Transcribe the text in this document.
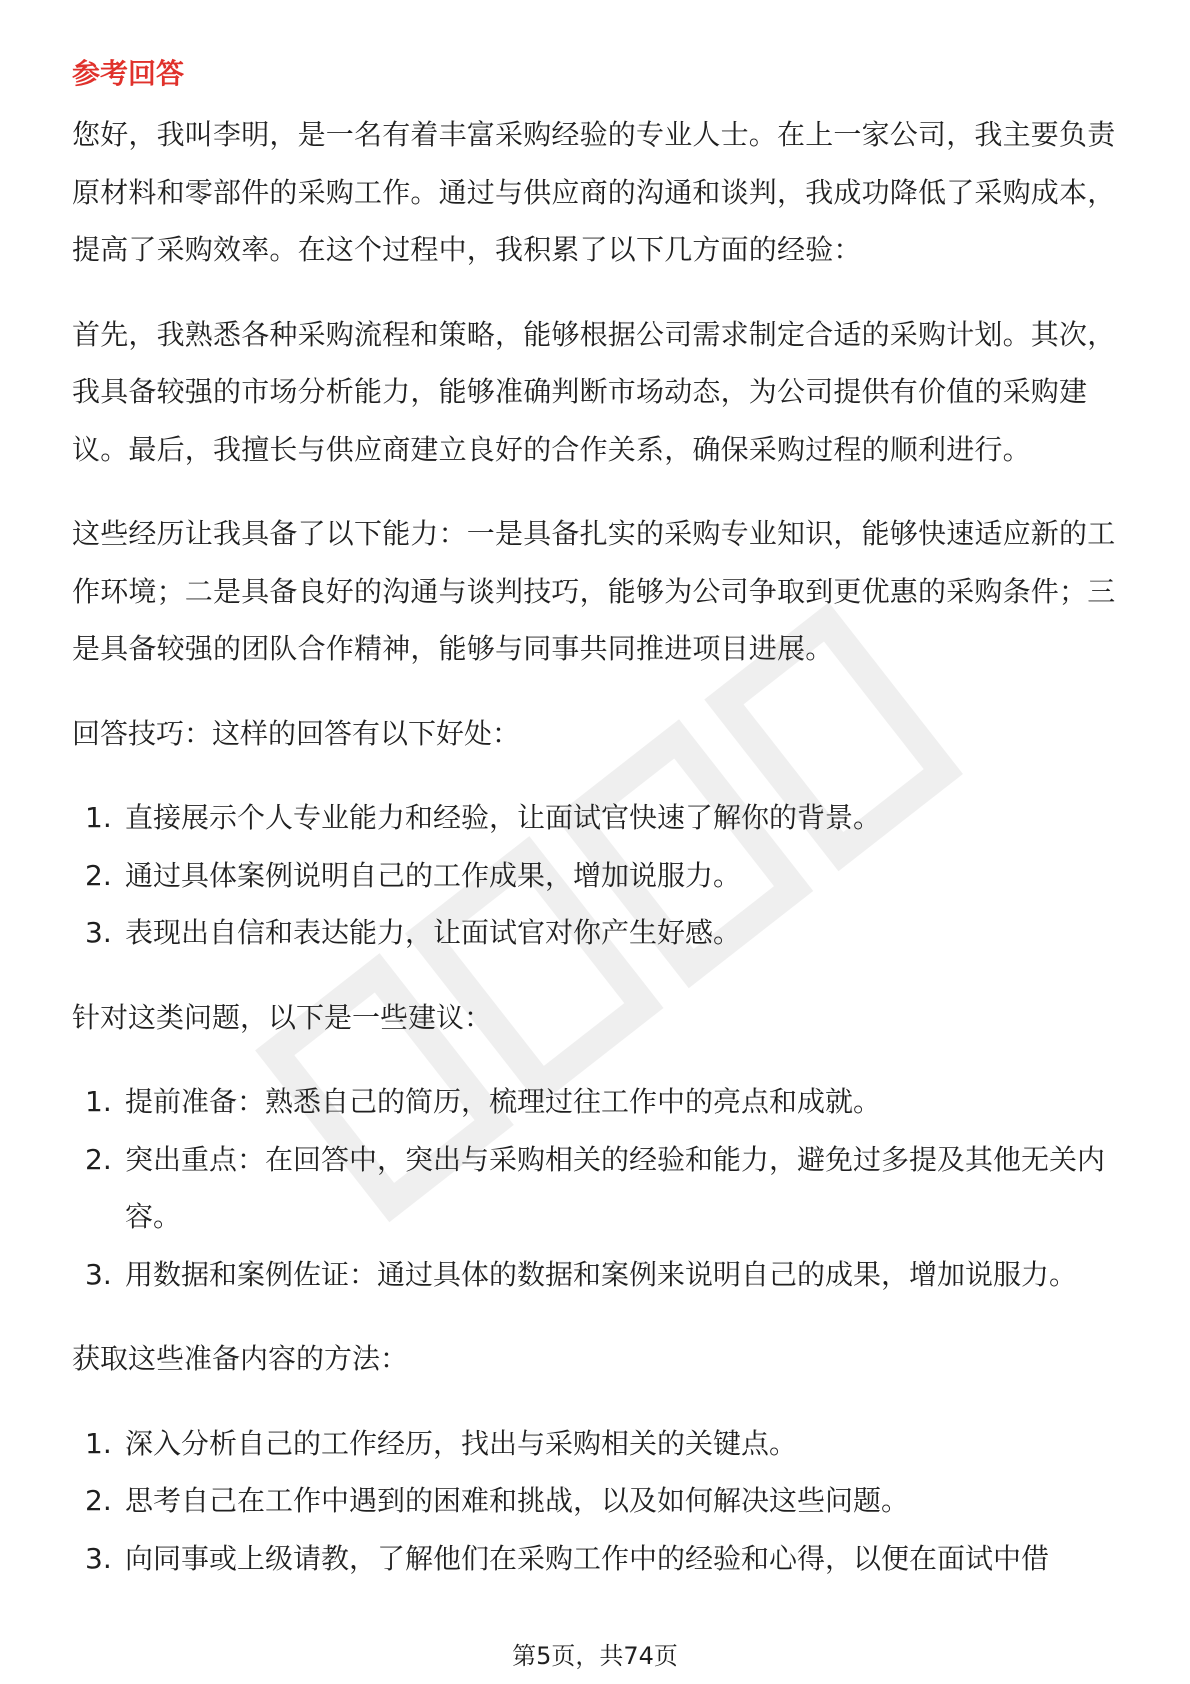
参考回答

您好，我叫李明，是一名有着丰富采购经验的专业人士。在上一家公司，我主要负责原材料和零部件的采购工作。通过与供应商的沟通和谈判，我成功降低了采购成本，提高了采购效率。在这个过程中，我积累了以下几方面的经验：

首先，我熟悉各种采购流程和策略，能够根据公司需求制定合适的采购计划。其次，我具备较强的市场分析能力，能够准确判断市场动态，为公司提供有价值的采购建议。最后，我擅长与供应商建立良好的合作关系，确保采购过程的顺利进行。

这些经历让我具备了以下能力：一是具备扎实的采购专业知识，能够快速适应新的工作环境；二是具备良好的沟通与谈判技巧，能够为公司争取到更优惠的采购条件；三是具备较强的团队合作精神，能够与同事共同推进项目进展。

回答技巧：这样的回答有以下好处：

1. 直接展示个人专业能力和经验，让面试官快速了解你的背景。
2. 通过具体案例说明自己的工作成果，增加说服力。
3. 表现出自信和表达能力，让面试官对你产生好感。

针对这类问题，以下是一些建议：

1. 提前准备：熟悉自己的简历，梳理过往工作中的亮点和成就。
2. 突出重点：在回答中，突出与采购相关的经验和能力，避免过多提及其他无关内容。
3. 用数据和案例佐证：通过具体的数据和案例来说明自己的成果，增加说服力。

获取这些准备内容的方法：

1. 深入分析自己的工作经历，找出与采购相关的关键点。
2. 思考自己在工作中遇到的困难和挑战，以及如何解决这些问题。
3. 向同事或上级请教，了解他们在采购工作中的经验和心得，以便在面试中借
第5页，共74页
